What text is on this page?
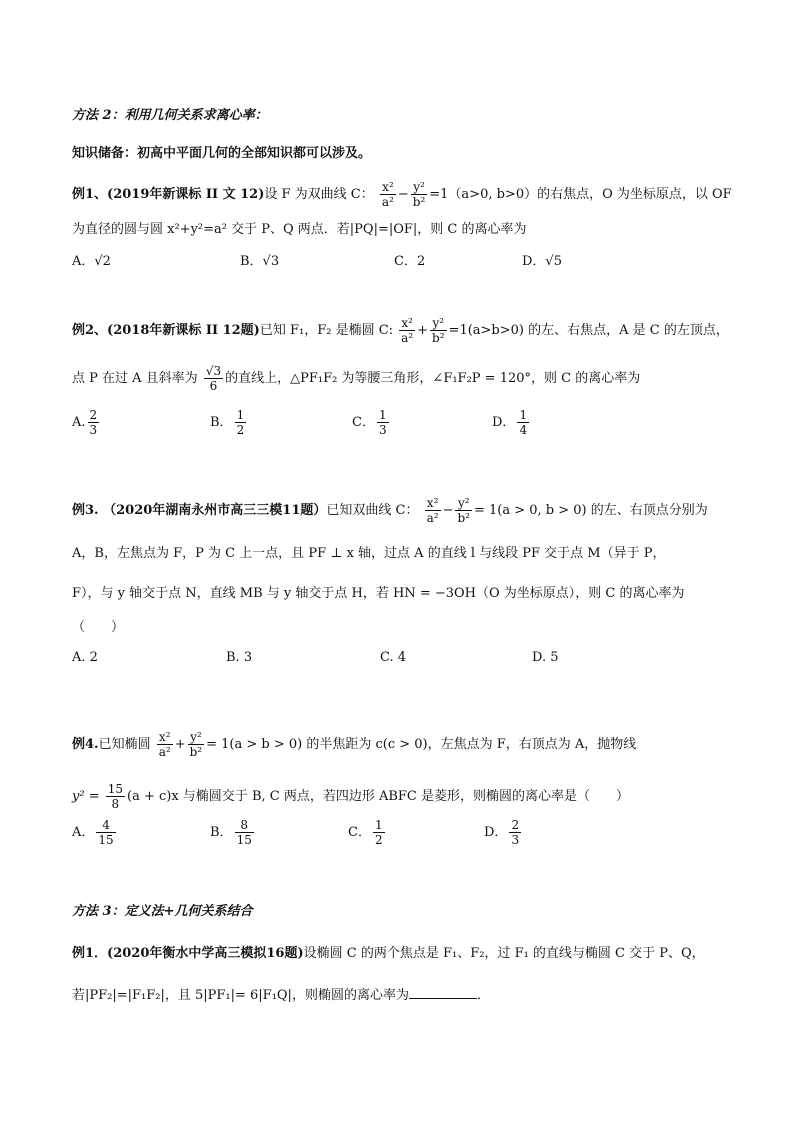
方法 2：利用几何关系求离心率：
知识储备：初高中平面几何的全部知识都可以涉及。
例1、(2019年新课标 II 文 12)设 F 为双曲线 C： $\frac{\text{x²}}{\text{a²}} - \frac{\text{y²}}{\text{b²}} =1(a>0$, b>0）的右焦点，O 为坐标原点，以 OF
为直径的圆与圆 x²+y²=a² 交于 P、Q 两点．若|PQ|=|OF|，则 C 的离心率为
A．√2	B．√3	C．2	D．√5
例2、(2018年新课标 II 12题)已知 F₁，F₂ 是椭圆 C: $\frac{\text{x²}}{\text{a²}} + \frac{\text{y²}}{\text{b²}} =1(a>b>0)$ 的左、右焦点，A 是 C 的左顶点，
点 P 在过 A 且斜率为 $\frac{√3}{6}$ 的直线上，△PF₁F₂ 为等腰三角形，∠F₁F₂P = 120°，则 C 的离心率为
A. $\frac{2}{3}$	B． $\frac{1}{2}$	C． $\frac{1}{3}$	D． $\frac{1}{4}$
例3. （2020年湖南永州市高三三模11题）已知双曲线 C： $\frac{\text{x²}}{\text{a²}} - \frac{\text{y²}}{\text{b²}} = 1(a > 0$, b > 0) 的左、右顶点分别为
A，B，左焦点为 F，P 为 C 上一点，且 PF ⊥ x 轴，过点 A 的直线 l 与线段 PF 交于点 M（异于 P，
F），与 y 轴交于点 N，直线 MB 与 y 轴交于点 H，若 HN = −3OH（O 为坐标原点），则 C 的离心率为
（　　）
A. 2	B. 3	C. 4	D. 5
例4.已知椭圆 $\frac{\text{x²}}{\text{a²}} + \frac{\text{y²}}{\text{b²}} = 1(a > b > 0)$ 的半焦距为 c(c > 0)，左焦点为 F，右顶点为 A，抛物线
$y^2 = \frac{15}{8} (a + c)x$ 与椭圆交于 B, C 两点，若四边形 ABFC 是菱形，则椭圆的离心率是（　　）
A． $\frac{4}{15}$	B． $\frac{8}{15}$	C． $\frac{1}{2}$	D． $\frac{2}{3}$
方法 3：定义法+几何关系结合
例1．(2020年衡水中学高三模拟16题)设椭圆 C 的两个焦点是 F₁、F₂，过 F₁ 的直线与椭圆 C 交于 P、Q，
若|PF₂|=|F₁F₂|，且 5|PF₁|= 6|F₁Q|，则椭圆的离心率为	．
